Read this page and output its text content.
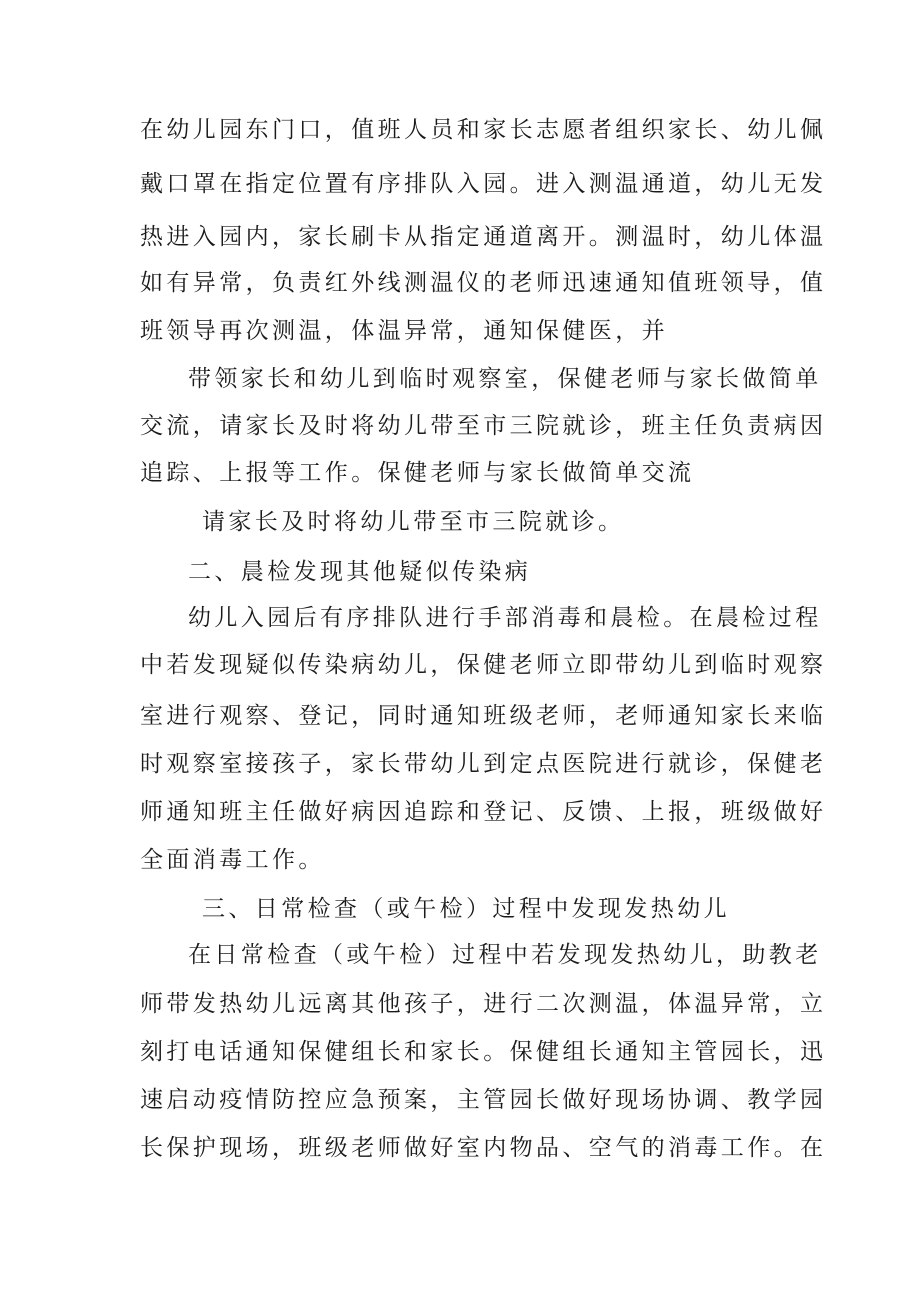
在幼儿园东门口，值班人员和家长志愿者组织家长、幼儿佩
戴口罩在指定位置有序排队入园。进入测温通道，幼儿无发
热进入园内，家长刷卡从指定通道离开。测温时，幼儿体温
如有异常，负责红外线测温仪的老师迅速通知值班领导，值
班领导再次测温，体温异常，通知保健医，并
带领家长和幼儿到临时观察室，保健老师与家长做简单
交流，请家长及时将幼儿带至市三院就诊，班主任负责病因
追踪、上报等工作。保健老师与家长做简单交流
请家长及时将幼儿带至市三院就诊。
二、晨检发现其他疑似传染病
幼儿入园后有序排队进行手部消毒和晨检。在晨检过程
中若发现疑似传染病幼儿，保健老师立即带幼儿到临时观察
室进行观察、登记，同时通知班级老师，老师通知家长来临
时观察室接孩子，家长带幼儿到定点医院进行就诊，保健老
师通知班主任做好病因追踪和登记、反馈、上报，班级做好
全面消毒工作。
三、日常检查（或午检）过程中发现发热幼儿
在日常检查（或午检）过程中若发现发热幼儿，助教老
师带发热幼儿远离其他孩子，进行二次测温，体温异常，立
刻打电话通知保健组长和家长。保健组长通知主管园长，迅
速启动疫情防控应急预案，主管园长做好现场协调、教学园
长保护现场，班级老师做好室内物品、空气的消毒工作。在
